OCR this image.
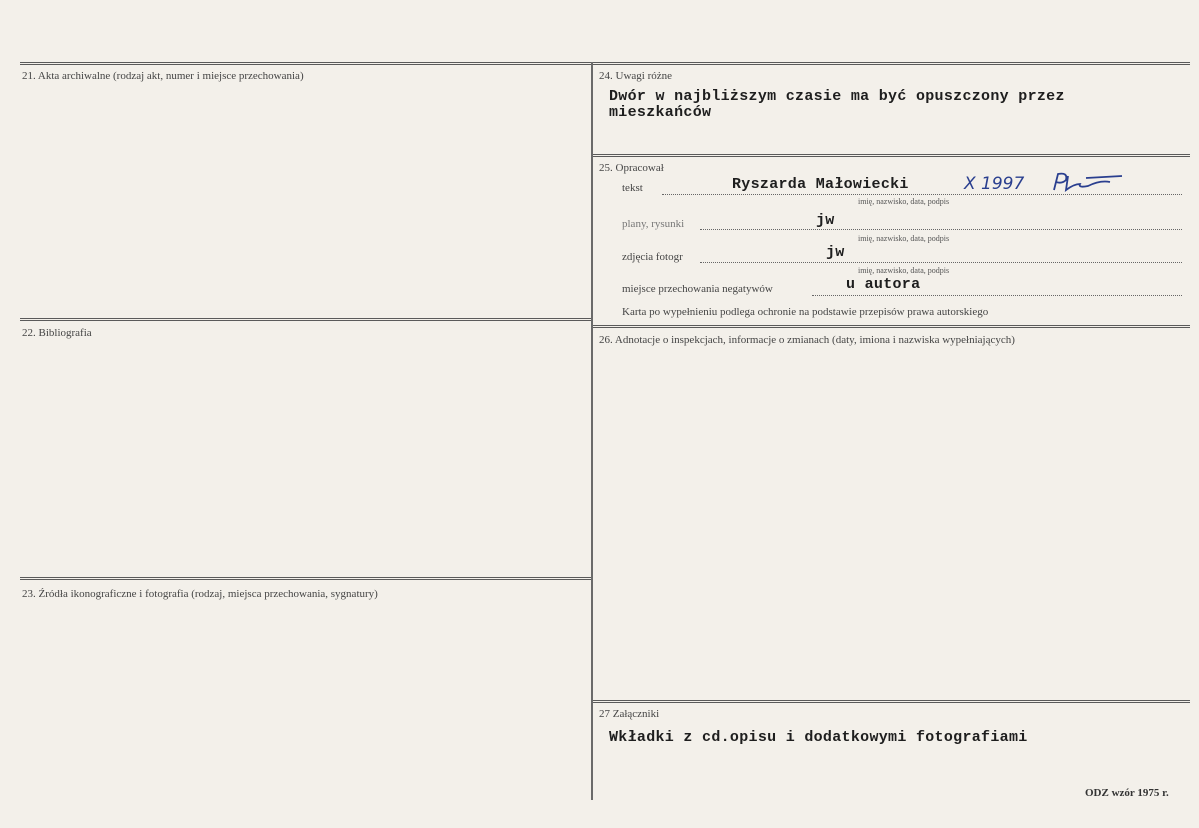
21. Akta archiwalne (rodzaj akt, numer i miejsce przechowania)
22. Bibliografia
23. Źródła ikonograficzne i fotografia (rodzaj, miejsca przechowania, sygnatury)
24. Uwagi różne
Dwór w najbliższym czasie ma być opuszczony przez
mieszkańców
25. Opracował
tekst	Ryszarda Małowiecki	X 1997
imię, nazwisko, data, podpis
plany, rysunki	jw
imię, nazwisko, data, podpis
zdjęcia fotogr	jw
imię, nazwisko, data, podpis
miejsce przechowania negatywów	u autora
Karta po wypełnieniu podlega ochronie na podstawie przepisów prawa autorskiego
26. Adnotacje o inspekcjach, informacje o zmianach (daty, imiona i nazwiska wypełniających)
27 Załączniki
Wkładki z cd.opisu i dodatkowymi fotografiami
ODZ wzór 1975 r.
